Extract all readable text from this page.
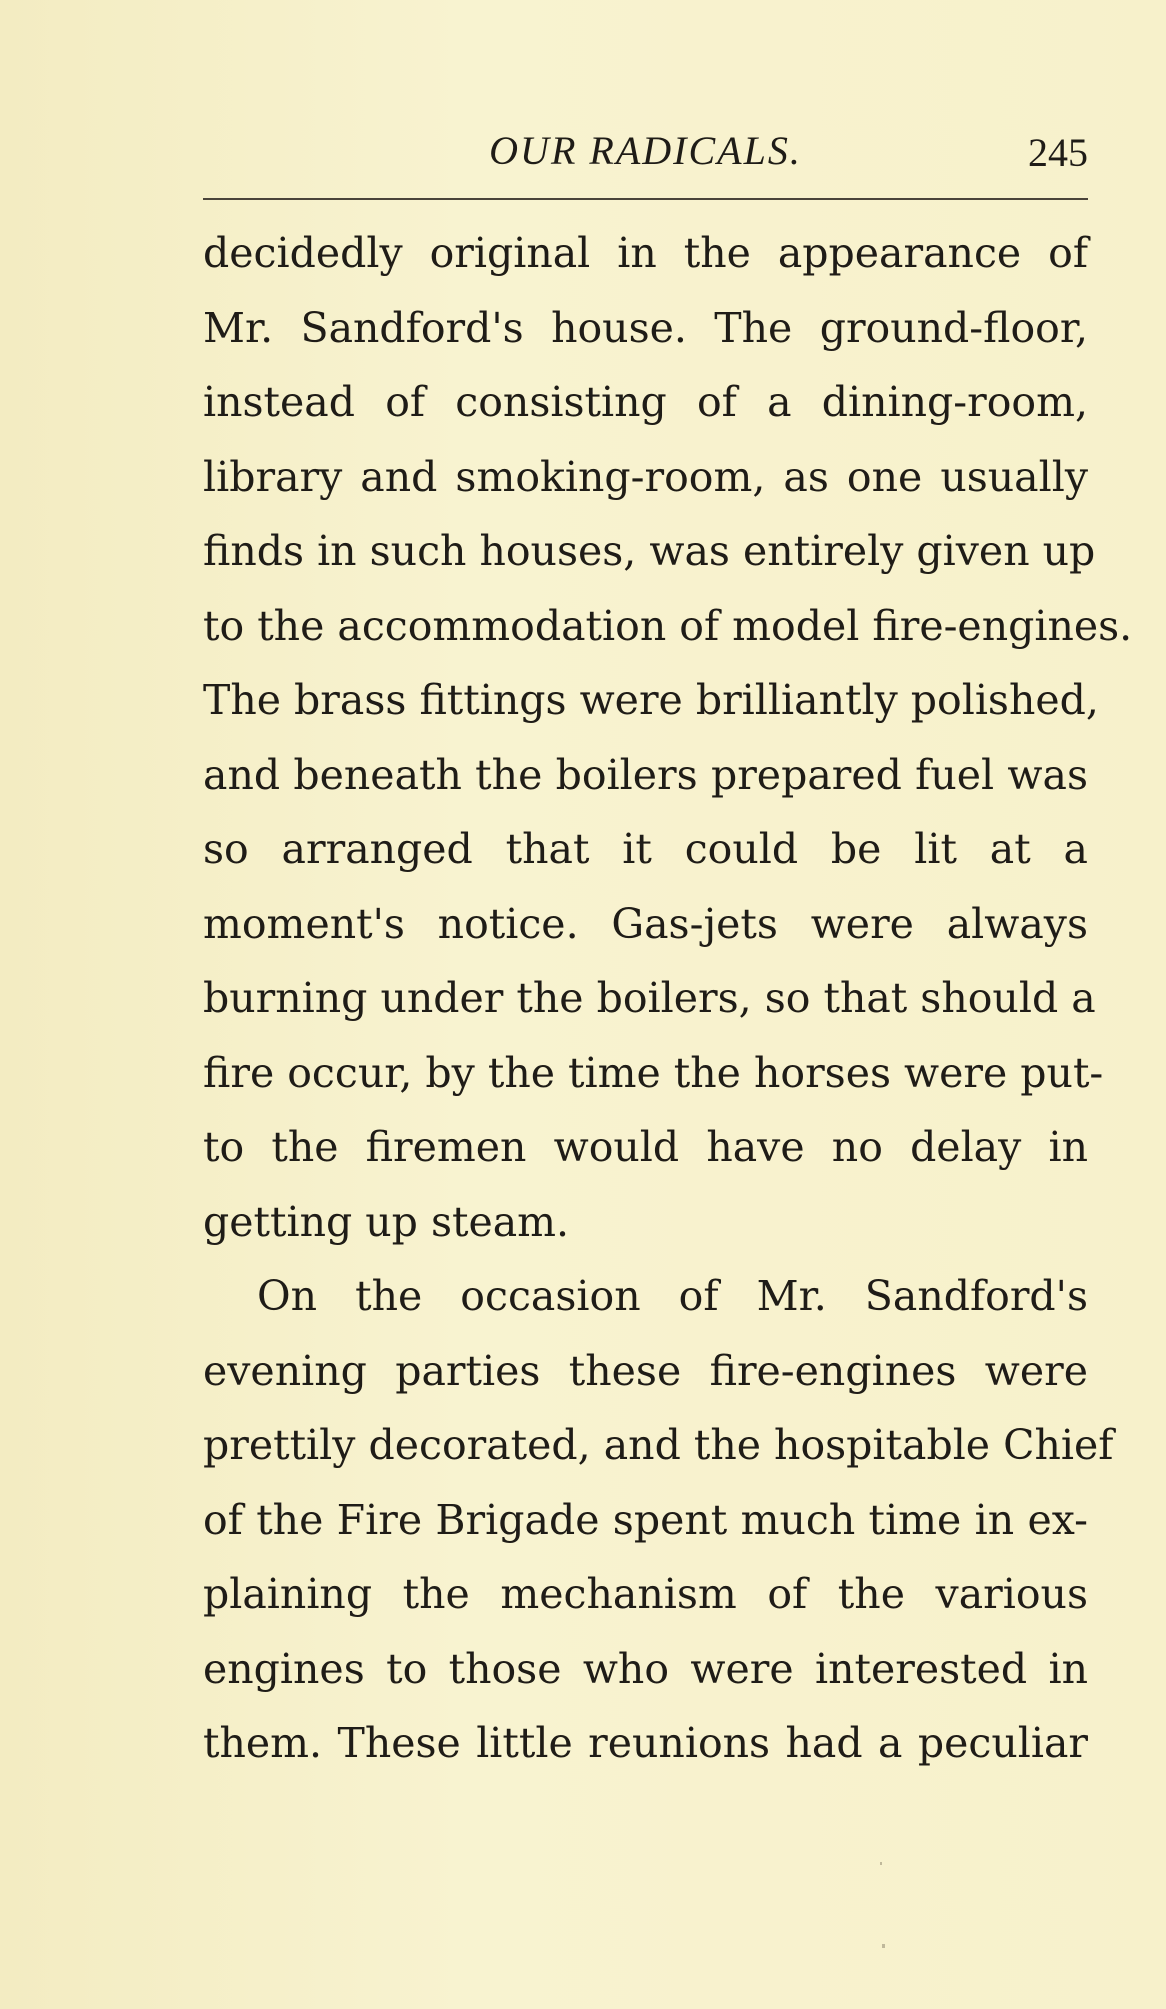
OUR RADICALS.	245
decidedly original in the appearance of
Mr. Sandford's house. The ground-floor,
instead of consisting of a dining-room,
library and smoking-room, as one usually
finds in such houses, was entirely given up
to the accommodation of model fire-engines.
The brass fittings were brilliantly polished,
and beneath the boilers prepared fuel was
so arranged that it could be lit at a
moment's notice. Gas-jets were always
burning under the boilers, so that should a
fire occur, by the time the horses were put-
to the firemen would have no delay in
getting up steam.
On the occasion of Mr. Sandford's
evening parties these fire-engines were
prettily decorated, and the hospitable Chief
of the Fire Brigade spent much time in ex-
plaining the mechanism of the various
engines to those who were interested in
them. These little reunions had a peculiar
